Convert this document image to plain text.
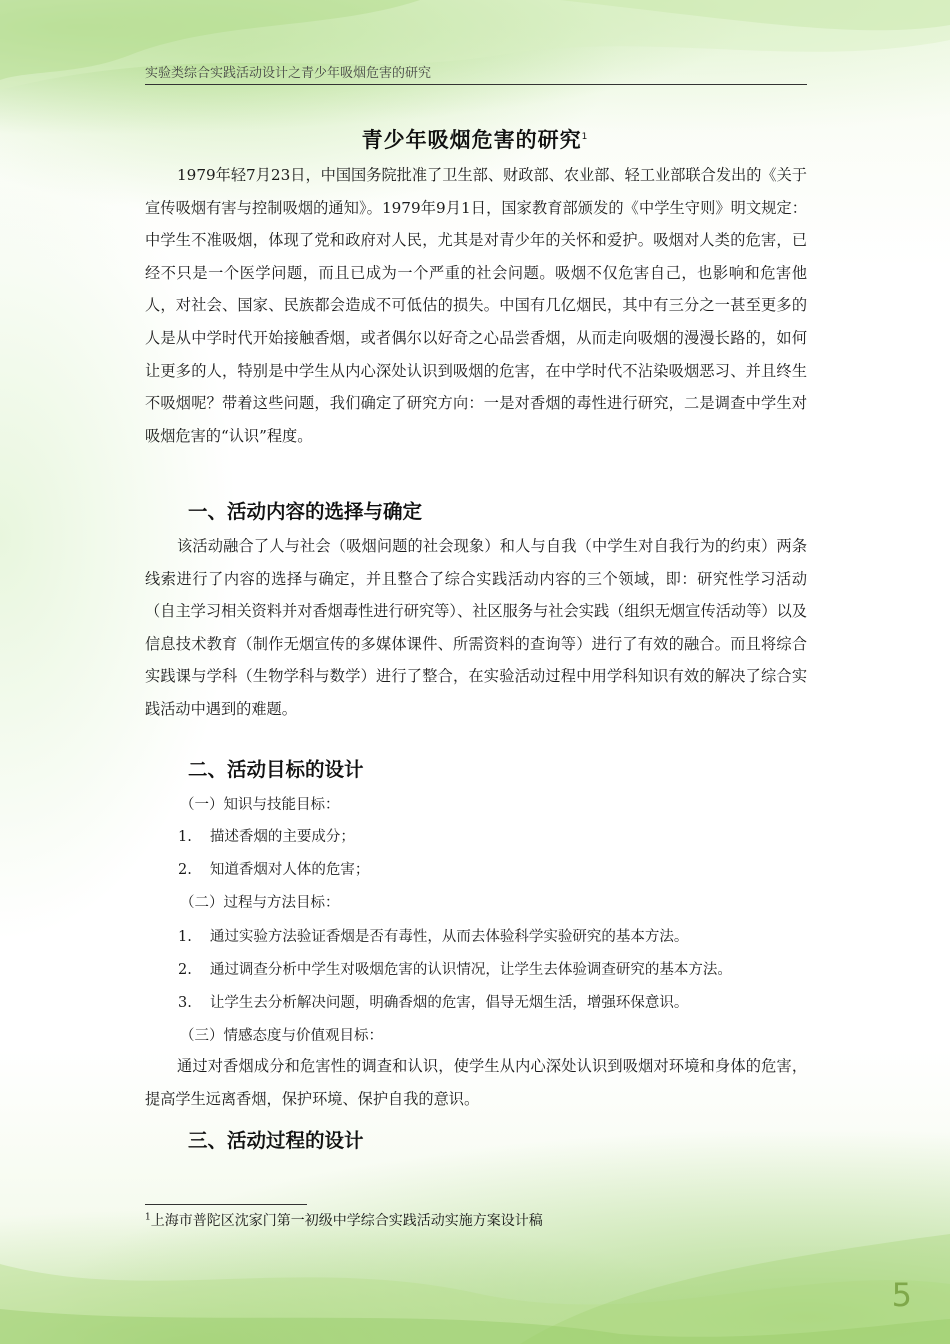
实验类综合实践活动设计之青少年吸烟危害的研究
青少年吸烟危害的研究$^1$

1979年轻7月23日，中国国务院批准了卫生部、财政部、农业部、轻工业部联合发出的《关于宣传吸烟有害与控制吸烟的通知》。1979年9月1日，国家教育部颁发的《中学生守则》明文规定：中学生不准吸烟，体现了党和政府对人民，尤其是对青少年的关怀和爱护。吸烟对人类的危害，已经不只是一个医学问题，而且已成为一个严重的社会问题。吸烟不仅危害自己，也影响和危害他人，对社会、国家、民族都会造成不可低估的损失。中国有几亿烟民，其中有三分之一甚至更多的人是从中学时代开始接触香烟，或者偶尔以好奇之心品尝香烟，从而走向吸烟的漫漫长路的，如何让更多的人，特别是中学生从内心深处认识到吸烟的危害，在中学时代不沾染吸烟恶习、并且终生不吸烟呢？带着这些问题，我们确定了研究方向：一是对香烟的毒性进行研究，二是调查中学生对吸烟危害的“认识”程度。

一、活动内容的选择与确定

该活动融合了人与社会（吸烟问题的社会现象）和人与自我（中学生对自我行为的约束）两条线索进行了内容的选择与确定，并且整合了综合实践活动内容的三个领域，即：研究性学习活动（自主学习相关资料并对香烟毒性进行研究等）、社区服务与社会实践（组织无烟宣传活动等）以及信息技术教育（制作无烟宣传的多媒体课件、所需资料的查询等）进行了有效的融合。而且将综合实践课与学科（生物学科与数学）进行了整合，在实验活动过程中用学科知识有效的解决了综合实践活动中遇到的难题。

二、活动目标的设计

（一）知识与技能目标：

1. 描述香烟的主要成分；

2. 知道香烟对人体的危害；

（二）过程与方法目标：

1. 通过实验方法验证香烟是否有毒性，从而去体验科学实验研究的基本方法。

2. 通过调查分析中学生对吸烟危害的认识情况，让学生去体验调查研究的基本方法。

3. 让学生去分析解决问题，明确香烟的危害，倡导无烟生活，增强环保意识。

（三）情感态度与价值观目标：

通过对香烟成分和危害性的调查和认识，使学生从内心深处认识到吸烟对环境和身体的危害，提高学生远离香烟，保护环境、保护自我的意识。

三、活动过程的设计
$^1$上海市普陀区沈家门第一初级中学综合实践活动实施方案设计稿
5
